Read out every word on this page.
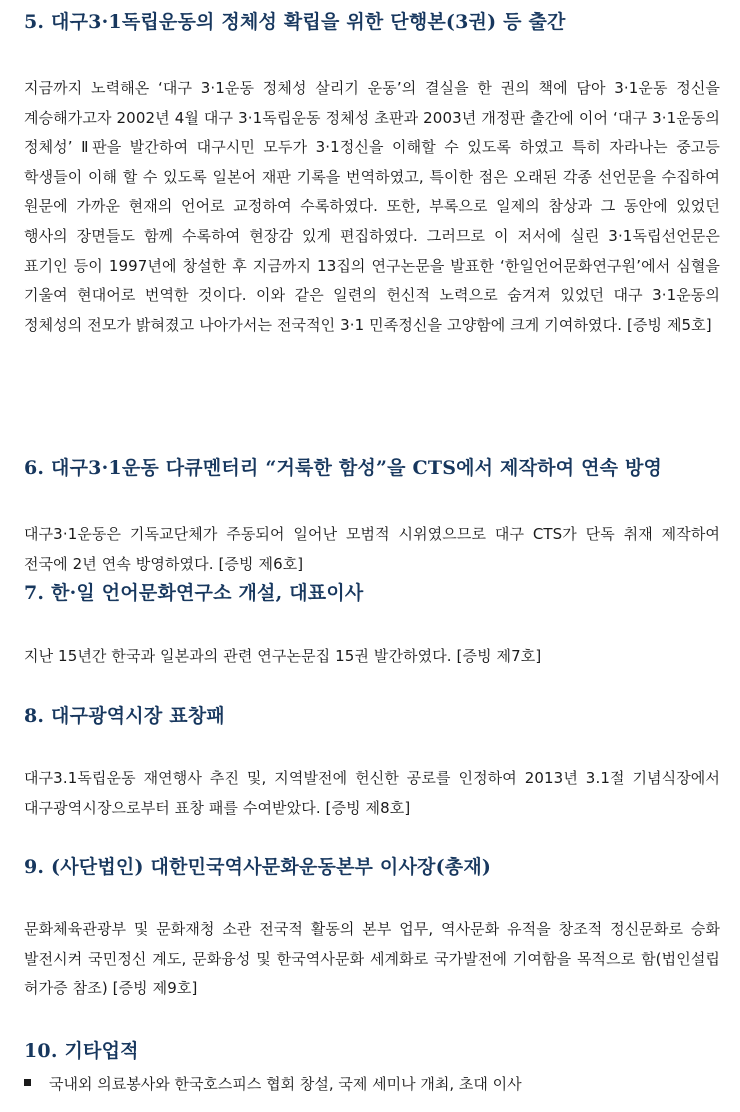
5. 대구3·1독립운동의 정체성 확립을 위한 단행본(3권) 등 출간

지금까지 노력해온 ‘대구 3·1운동 정체성 살리기 운동’의 결실을 한 권의 책에 담아 3·1운동 정신을 계승해가고자 2002년 4월 대구 3·1독립운동 정체성 초판과 2003년 개정판 출간에 이어 ‘대구 3·1운동의 정체성’ Ⅱ판을 발간하여 대구시민 모두가 3·1정신을 이해할 수 있도록 하였고 특히 자라나는 중고등 학생들이 이해 할 수 있도록 일본어 재판 기록을 번역하였고, 특이한 점은 오래된 각종 선언문을 수집하여 원문에 가까운 현재의 언어로 교정하여 수록하였다. 또한, 부록으로 일제의 참상과 그 동안에 있었던 행사의 장면들도 함께 수록하여 현장감 있게 편집하였다. 그러므로 이 저서에 실린 3·1독립선언문은 표기인 등이 1997년에 창설한 후 지금까지 13집의 연구논문을 발표한 ‘한일언어문화연구원’에서 심혈을 기울여 현대어로 번역한 것이다. 이와 같은 일련의 헌신적 노력으로 숨겨져 있었던 대구 3·1운동의 정체성의 전모가 밝혀졌고 나아가서는 전국적인 3·1 민족정신을 고양함에 크게 기여하였다. [증빙 제5호]

6. 대구3·1운동 다큐멘터리 “거룩한 함성”을 CTS에서 제작하여 연속 방영

대구3·1운동은 기독교단체가 주동되어 일어난 모범적 시위였으므로 대구 CTS가 단독 취재 제작하여 전국에 2년 연속 방영하였다. [증빙 제6호]

7. 한·일 언어문화연구소 개설, 대표이사

지난 15년간 한국과 일본과의 관련 연구논문집 15권 발간하였다. [증빙 제7호]

8. 대구광역시장 표창패

대구3.1독립운동 재연행사 추진 및, 지역발전에 헌신한 공로를 인정하여 2013년 3.1절 기념식장에서 대구광역시장으로부터 표창 패를 수여받았다. [증빙 제8호]

9. (사단법인) 대한민국역사문화운동본부 이사장(총재)

문화체육관광부 및 문화재청 소관 전국적 활동의 본부 업무, 역사문화 유적을 창조적 정신문화로 승화 발전시켜 국민정신 계도, 문화융성 및 한국역사문화 세계화로 국가발전에 기여함을 목적으로 함(법인설립 허가증 참조) [증빙 제9호]

10. 기타업적
국내외 의료봉사와 한국호스피스 협회 창설, 국제 세미나 개최, 초대 이사
